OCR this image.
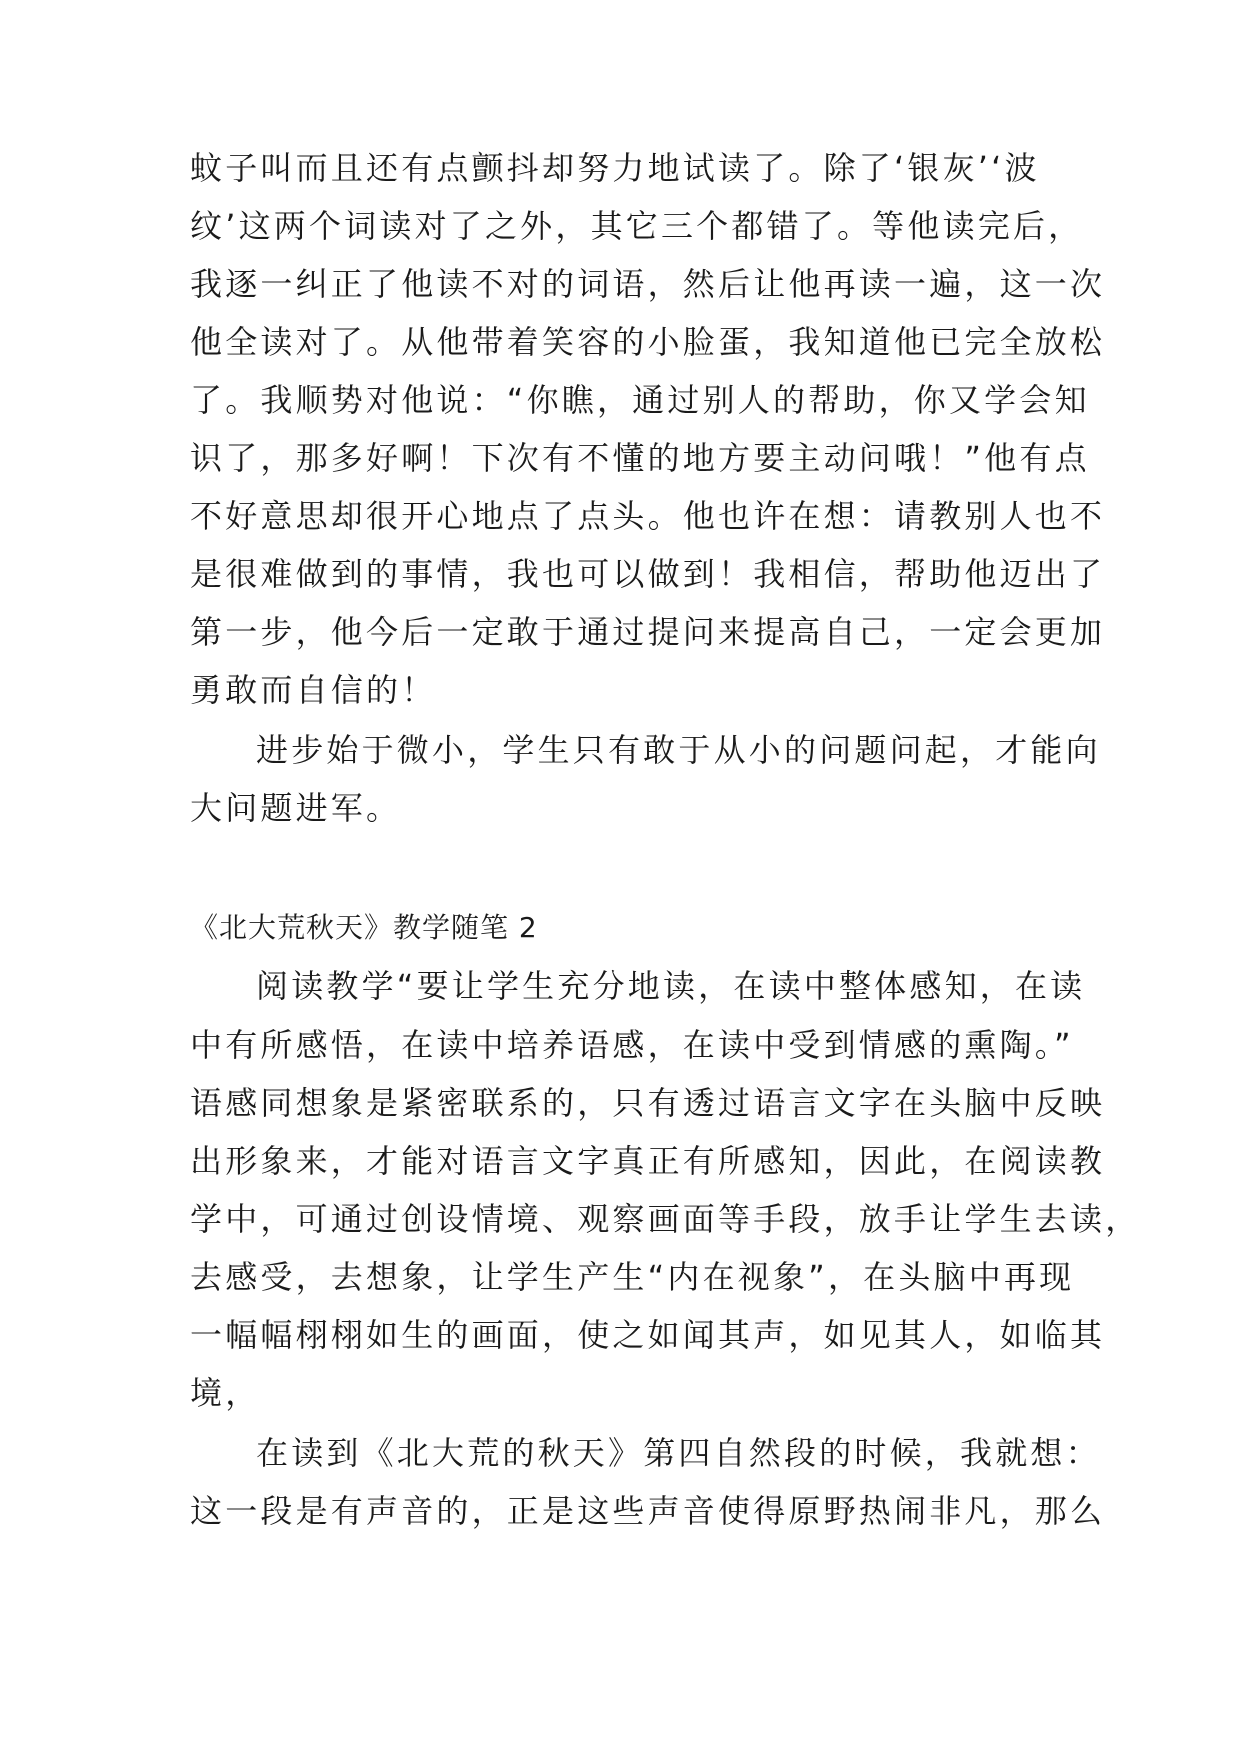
蚊子叫而且还有点颤抖却努力地试读了。除了‘银灰’‘波
纹’这两个词读对了之外，其它三个都错了。等他读完后，
我逐一纠正了他读不对的词语，然后让他再读一遍，这一次
他全读对了。从他带着笑容的小脸蛋，我知道他已完全放松
了。我顺势对他说：“你瞧，通过别人的帮助，你又学会知
识了，那多好啊！下次有不懂的地方要主动问哦！”他有点
不好意思却很开心地点了点头。他也许在想：请教别人也不
是很难做到的事情，我也可以做到！我相信，帮助他迈出了
第一步，他今后一定敢于通过提问来提高自己，一定会更加
勇敢而自信的！
进步始于微小，学生只有敢于从小的问题问起，才能向
大问题进军。
《北大荒秋天》教学随笔 2
阅读教学“要让学生充分地读，在读中整体感知，在读
中有所感悟，在读中培养语感，在读中受到情感的熏陶。”
语感同想象是紧密联系的，只有透过语言文字在头脑中反映
出形象来，才能对语言文字真正有所感知，因此，在阅读教
学中，可通过创设情境、观察画面等手段，放手让学生去读，
去感受，去想象，让学生产生“内在视象”，在头脑中再现
一幅幅栩栩如生的画面，使之如闻其声，如见其人，如临其
境，
在读到《北大荒的秋天》第四自然段的时候，我就想：
这一段是有声音的，正是这些声音使得原野热闹非凡，那么
